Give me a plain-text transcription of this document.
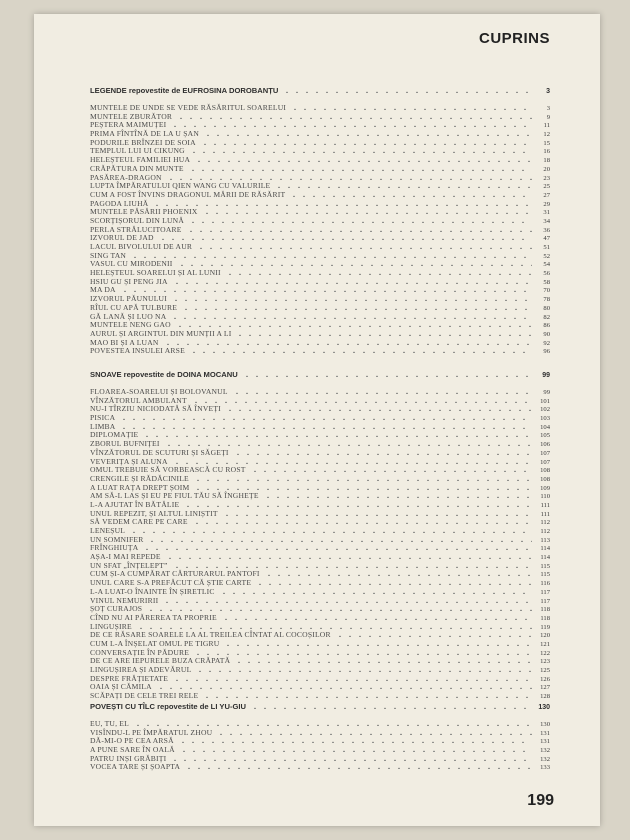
CUPRINS
LEGENDE repovestite de EUFROSINA DOROBANȚU	3
MUNTELE DE UNDE SE VEDE RĂSĂRITUL SOARELUI	3
MUNTELE ZBURĂTOR	9
PEȘTERA MAIMUȚEI	11
PRIMA FÎNTÎNĂ DE LA U ȘAN	12
PODURILE BRÎNZEI DE SOIA	15
TEMPLUL LUI UI CIKUNG	16
HELEȘTEUL FAMILIEI HUA	18
CRĂPĂTURA DIN MUNTE	20
PASĂREA-DRAGON	23
LUPTA ÎMPĂRATULUI QIEN WANG CU VALURILE	25
CUM A FOST ÎNVINS DRAGONUL MĂRII DE RĂSĂRIT	27
PAGODA LIUHĂ	29
MUNTELE PĂSĂRII PHOENIX	31
SCORȚIȘORUL DIN LUNĂ	34
PERLA STRĂLUCITOARE	36
IZVORUL DE JAD	47
LACUL BIVOLULUI DE AUR	51
SING TAN	52
VASUL CU MIRODENII	54
HELEȘTEUL SOARELUI ȘI AL LUNII	56
HSIU GU ȘI PENG JIA	58
MA DA	70
IZVORUL PĂUNULUI	78
RÎUL CU APĂ TULBURE	80
GĂ LANĂ ȘI LUO NA	82
MUNTELE NENG GAO	86
AURUL ȘI ARGINTUL DIN MUNȚII A LI	90
MAO BI ȘI A LUAN	92
POVESTEA INSULEI ARSE	96
SNOAVE repovestite de DOINA MOCANU	99
FLOAREA-SOARELUI ȘI BOLOVANUL	99
VÎNZĂTORUL AMBULANT	101
NU-I TÎRZIU NICIODATĂ SĂ ÎNVEȚI	102
PISICA	103
LIMBA	104
DIPLOMAȚIE	105
ZBORUL BUFNIȚEI	106
VÎNZĂTORUL DE SCUTURI ȘI SĂGEȚI	107
VEVERIȚA ȘI ALUNA	107
OMUL TREBUIE SĂ VORBEASCĂ CU ROST	108
CRENGILE ȘI RĂDĂCINILE	108
A LUAT RAȚA DREPT ȘOIM	109
AM SĂ-L LAS ȘI EU PE FIUL TĂU SĂ ÎNGHEȚE	110
L-A AJUTAT ÎN BĂTĂLIE	111
UNUL REPEZIT, ȘI ALTUL LINIȘTIT	111
SĂ VEDEM CARE PE CARE	112
LENEȘUL	112
UN SOMNIFER	113
FRÎNGHIUȚA	114
AȘA-I MAI REPEDE	114
UN SFAT „ÎNȚELEPT”	115
CUM ȘI-A CUMPĂRAT CĂRTURARUL PANTOFI	115
UNUL CARE S-A PREFĂCUT CĂ ȘTIE CARTE	116
L-A LUAT-O ÎNAINTE ÎN ȘIRETLIC	117
VINUL NEMURIRII	117
ȘOȚ CURAJOS	118
CÎND NU AI PĂREREA TA PROPRIE	118
LINGUȘIRE	119
DE CE RĂSARE SOARELE LA AL TREILEA CÎNTAT AL COCOȘILOR	120
CUM L-A ÎNȘELAT OMUL PE TIGRU	121
CONVERSAȚIE ÎN PĂDURE	122
DE CE ARE IEPURELE BUZA CRĂPATĂ	123
LINGUȘIREA ȘI ADEVĂRUL	125
DESPRE FRĂȚIETATE	126
OAIA ȘI CĂMILA	127
SCĂPAȚI DE CELE TREI RELE	128
POVEȘTI CU TÎLC repovestite de LI YU-GIU	130
EU, TU, EL	130
VISÎNDU-L PE ÎMPĂRATUL ZHOU	131
DĂ-MI-O PE CEA ARSĂ	131
A PUNE SARE ÎN OALĂ	132
PATRU INȘI GRĂBIȚI	132
VOCEA TARE ȘI ȘOAPTA	133
199
